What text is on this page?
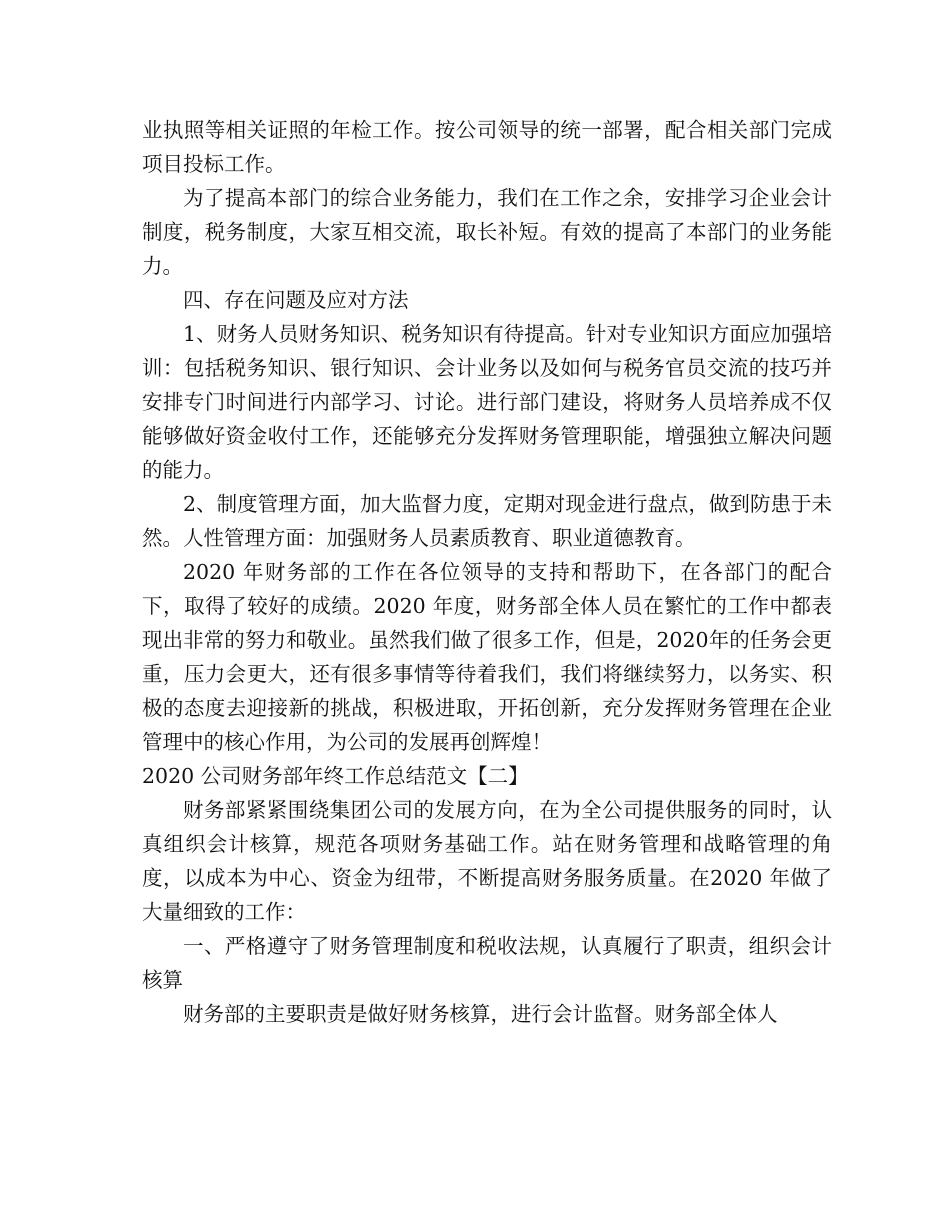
业执照等相关证照的年检工作。按公司领导的统一部署，配合相关部门完成项目投标工作。

为了提高本部门的综合业务能力，我们在工作之余，安排学习企业会计制度，税务制度，大家互相交流，取长补短。有效的提高了本部门的业务能力。

四、存在问题及应对方法

1、财务人员财务知识、税务知识有待提高。针对专业知识方面应加强培训：包括税务知识、银行知识、会计业务以及如何与税务官员交流的技巧并安排专门时间进行内部学习、讨论。进行部门建设，将财务人员培养成不仅能够做好资金收付工作，还能够充分发挥财务管理职能，增强独立解决问题的能力。

2、制度管理方面，加大监督力度，定期对现金进行盘点，做到防患于未然。人性管理方面：加强财务人员素质教育、职业道德教育。

2020 年财务部的工作在各位领导的支持和帮助下，在各部门的配合下，取得了较好的成绩。2020 年度，财务部全体人员在繁忙的工作中都表现出非常的努力和敬业。虽然我们做了很多工作，但是，2020年的任务会更重，压力会更大，还有很多事情等待着我们，我们将继续努力，以务实、积极的态度去迎接新的挑战，积极进取，开拓创新，充分发挥财务管理在企业管理中的核心作用，为公司的发展再创辉煌！

2020 公司财务部年终工作总结范文【二】

财务部紧紧围绕集团公司的发展方向，在为全公司提供服务的同时，认真组织会计核算，规范各项财务基础工作。站在财务管理和战略管理的角度，以成本为中心、资金为纽带，不断提高财务服务质量。在2020 年做了大量细致的工作：

一、严格遵守了财务管理制度和税收法规，认真履行了职责，组织会计核算

财务部的主要职责是做好财务核算，进行会计监督。财务部全体人
